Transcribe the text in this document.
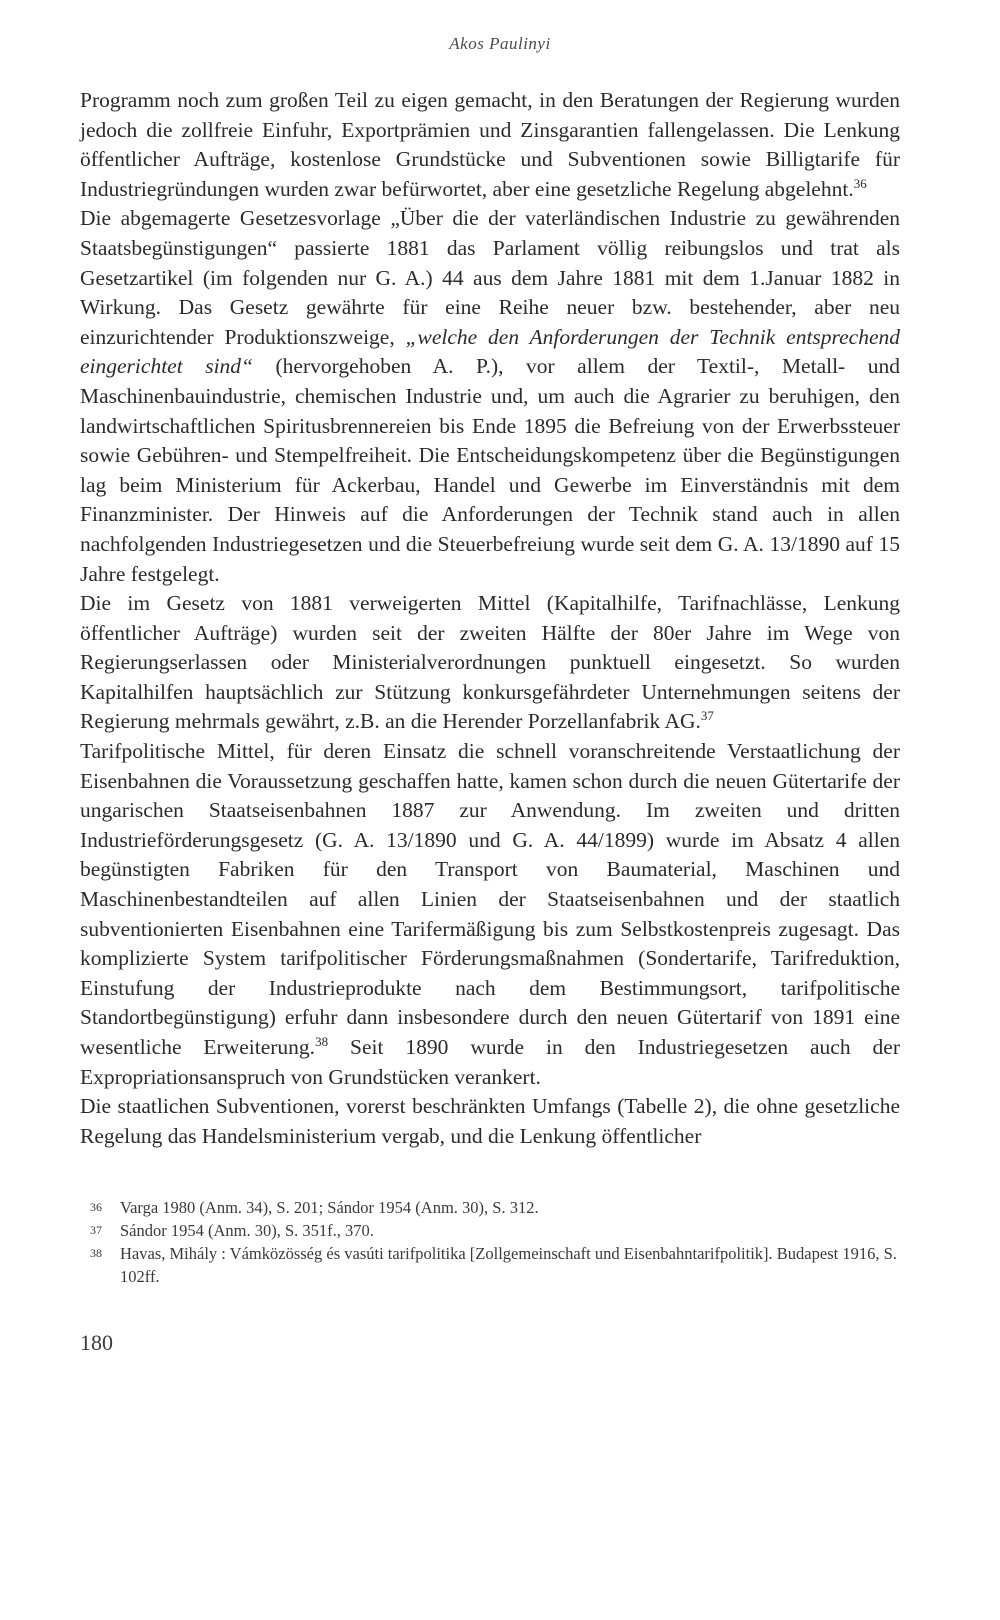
Akos Paulinyi

Programm noch zum großen Teil zu eigen gemacht, in den Beratungen der Regierung wurden jedoch die zollfreie Einfuhr, Exportprämien und Zinsgarantien fallengelassen. Die Lenkung öffentlicher Aufträge, kostenlose Grundstücke und Subventionen sowie Billigtarife für Industriegründungen wurden zwar befürwortet, aber eine gesetzliche Regelung abgelehnt.$^{36}$

Die abgemagerte Gesetzesvorlage „Über die der vaterländischen Industrie zu gewährenden Staatsbegünstigungen“ passierte 1881 das Parlament völlig reibungslos und trat als Gesetzartikel (im folgenden nur G. A.) 44 aus dem Jahre 1881 mit dem 1.Januar 1882 in Wirkung. Das Gesetz gewährte für eine Reihe neuer bzw. bestehender, aber neu einzurichtender Produktionszweige, „welche den Anforderungen der Technik entsprechend eingerichtet sind“ (hervorgehoben A. P.), vor allem der Textil-, Metall- und Maschinenbauindustrie, chemischen Industrie und, um auch die Agrarier zu beruhigen, den landwirtschaftlichen Spiritusbrennereien bis Ende 1895 die Befreiung von der Erwerbssteuer sowie Gebühren- und Stempelfreiheit. Die Entscheidungskompetenz über die Begünstigungen lag beim Ministerium für Ackerbau, Handel und Gewerbe im Einverständnis mit dem Finanzminister. Der Hinweis auf die Anforderungen der Technik stand auch in allen nachfolgenden Industriegesetzen und die Steuerbefreiung wurde seit dem G. A. 13/1890 auf 15 Jahre festgelegt.

Die im Gesetz von 1881 verweigerten Mittel (Kapitalhilfe, Tarifnachlässe, Lenkung öffentlicher Aufträge) wurden seit der zweiten Hälfte der 80er Jahre im Wege von Regierungserlassen oder Ministerialverordnungen punktuell eingesetzt. So wurden Kapitalhilfen hauptsächlich zur Stützung konkursgefährdeter Unternehmungen seitens der Regierung mehrmals gewährt, z.B. an die Herender Porzellanfabrik AG.$^{37}$

Tarifpolitische Mittel, für deren Einsatz die schnell voranschreitende Verstaatlichung der Eisenbahnen die Voraussetzung geschaffen hatte, kamen schon durch die neuen Gütertarife der ungarischen Staatseisenbahnen 1887 zur Anwendung. Im zweiten und dritten Industrieförderungsgesetz (G. A. 13/1890 und G. A. 44/1899) wurde im Absatz 4 allen begünstigten Fabriken für den Transport von Baumaterial, Maschinen und Maschinenbestandteilen auf allen Linien der Staatseisenbahnen und der staatlich subventionierten Eisenbahnen eine Tarifermäßigung bis zum Selbstkostenpreis zugesagt. Das komplizierte System tarifpolitischer Förderungsmaßnahmen (Sondertarife, Tarifreduktion, Einstufung der Industrieprodukte nach dem Bestimmungsort, tarifpolitische Standortbegünstigung) erfuhr dann insbesondere durch den neuen Gütertarif von 1891 eine wesentliche Erweiterung.$^{38}$ Seit 1890 wurde in den Industriegesetzen auch der Expropriationsanspruch von Grundstücken verankert.

Die staatlichen Subventionen, vorerst beschränkten Umfangs (Tabelle 2), die ohne gesetzliche Regelung das Handelsministerium vergab, und die Lenkung öffentlicher

36 Varga 1980 (Anm. 34), S. 201; Sándor 1954 (Anm. 30), S. 312.

37 Sándor 1954 (Anm. 30), S. 351f., 370.

38 Havas, Mihály : Vámközösség és vasúti tarifpolitika [Zollgemeinschaft und Eisenbahntarifpolitik]. Budapest 1916, S. 102ff.

180
